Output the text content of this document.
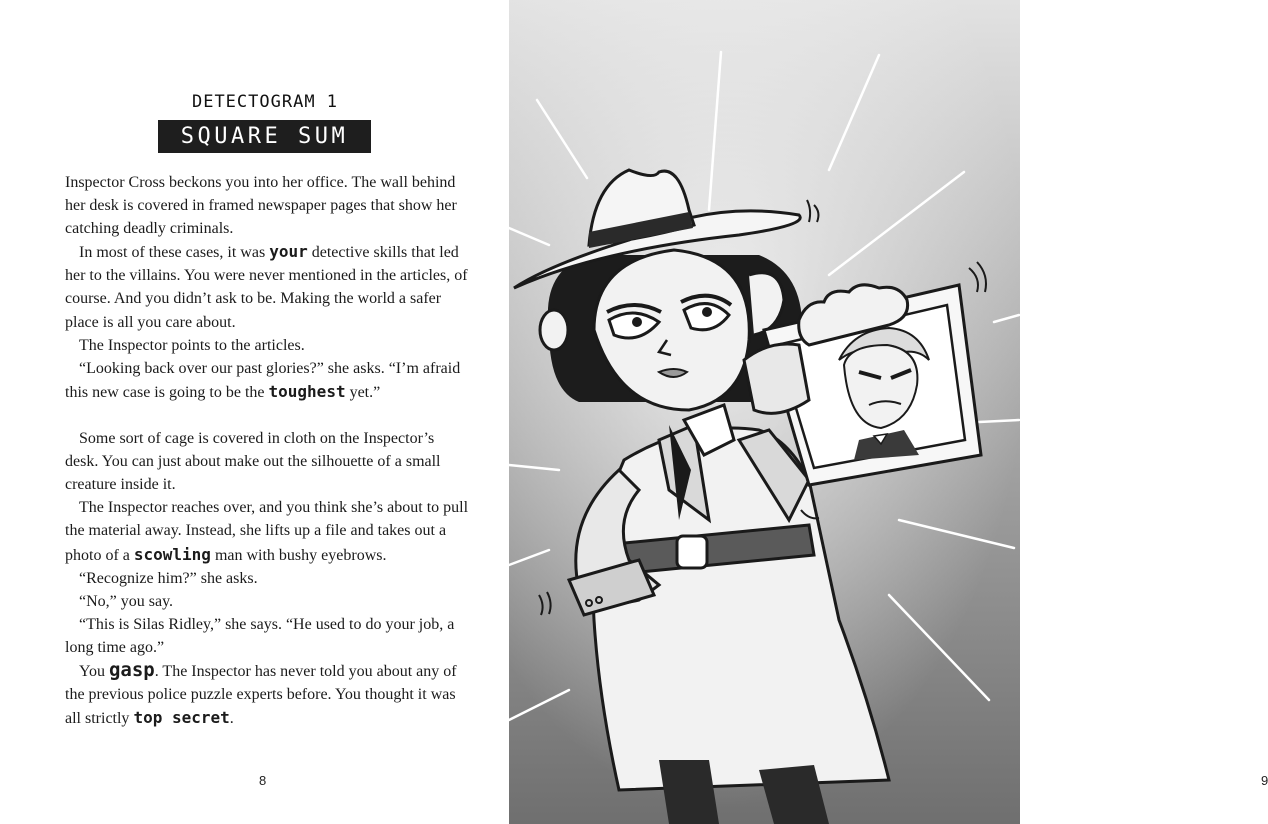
DETECTOGRAM 1
SQUARE SUM

Inspector Cross beckons you into her office. The wall behind her desk is covered in framed newspaper pages that show her catching deadly criminals.

In most of these cases, it was your detective skills that led her to the villains. You were never mentioned in the articles, of course. And you didn’t ask to be. Making the world a safer place is all you care about.

The Inspector points to the articles.

“Looking back over our past glories?” she asks. “I’m afraid this new case is going to be the toughest yet.”

Some sort of cage is covered in cloth on the Inspector’s desk. You can just about make out the silhouette of a small creature inside it.

The Inspector reaches over, and you think she’s about to pull the material away. Instead, she lifts up a file and takes out a photo of a scowling man with bushy eyebrows.

“Recognize him?” she asks.

“No,” you say.

“This is Silas Ridley,” she says. “He used to do your job, a long time ago.”

You gasp. The Inspector has never told you about any of the previous police puzzle experts before. You thought it was all strictly top secret.

8	9
